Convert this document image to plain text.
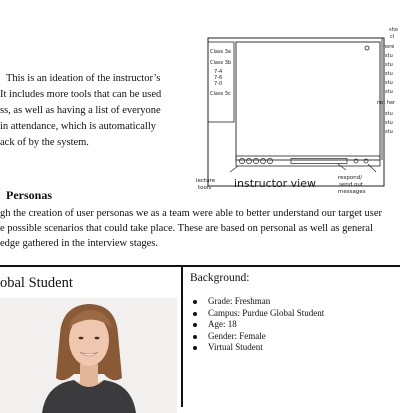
This is an ideation of the instructor’s
It includes more tools that can be used
ss, as well as having a list of everyone
in attendance, which is automatically
ack of by the system.
Class 3a
Class 3b
7-4
7-6
7-0
Class 3c
here
stu
stu
stu
stu
stu
not her
stu
stu
stu
sho
cl
lecture
tools instructor view	respond/
send out
messages
Personas
gh the creation of user personas we as a team were able to better understand our target user
e possible scenarios that could take place. These are based on personal as well as general
edge gathered in the interview stages.
obal Student	Background:
Grade: Freshman
Campus: Purdue Global Student
Age: 18
Gender: Female
Virtual Student
